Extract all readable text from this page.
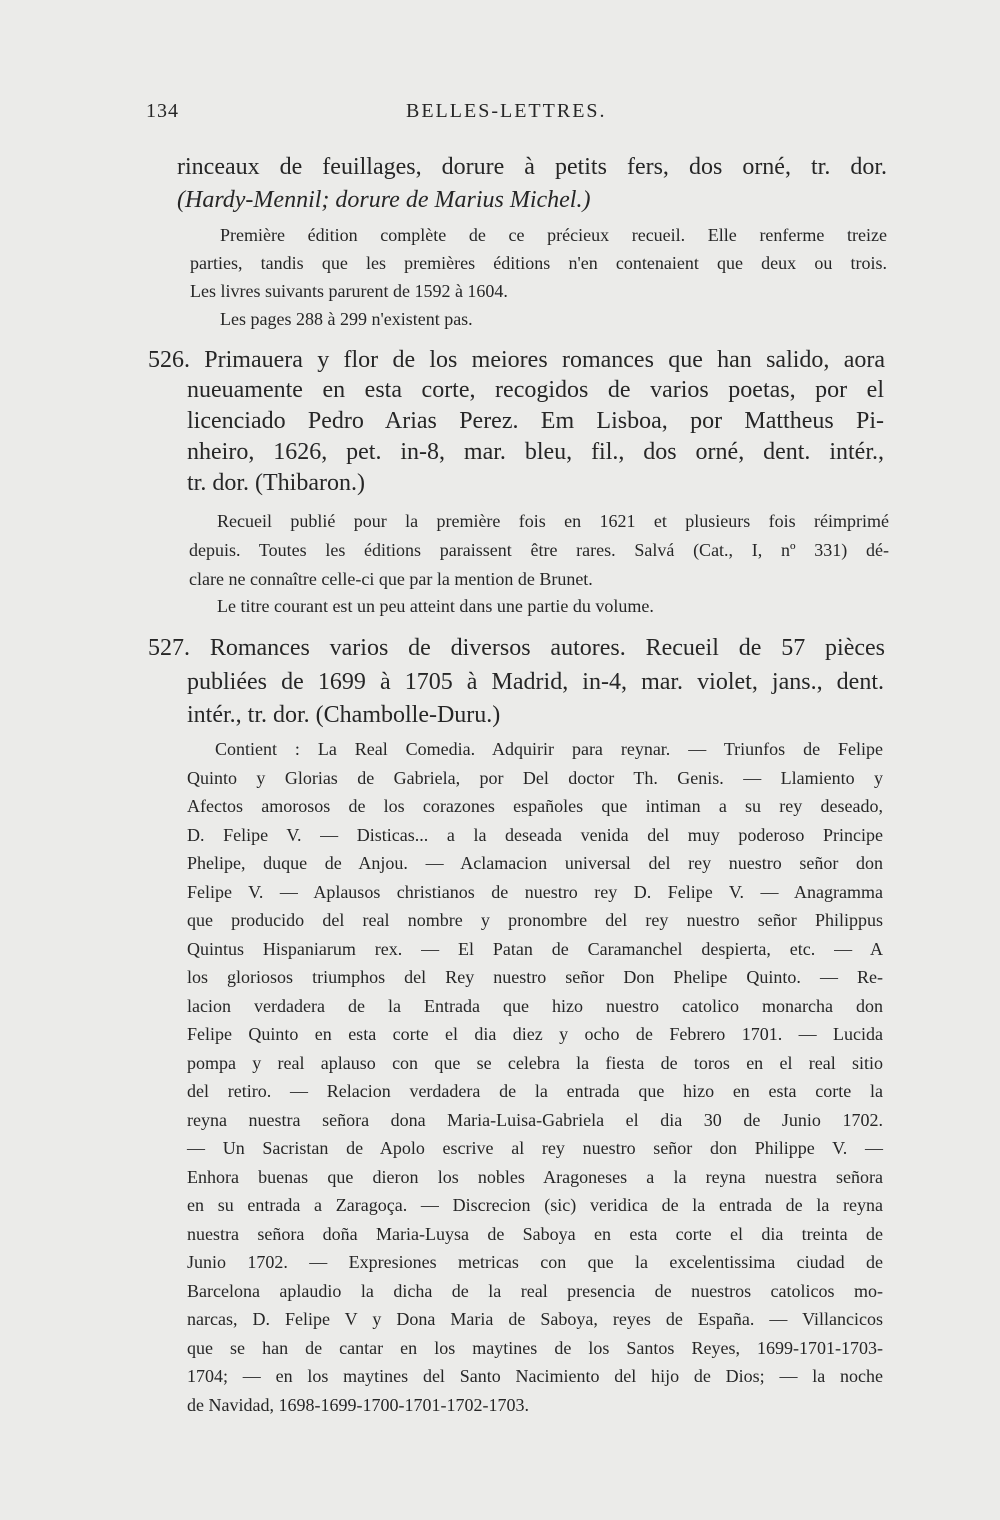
134	BELLES-LETTRES.
rinceaux de feuillages, dorure à petits fers, dos orné, tr. dor.
(Hardy-Mennil; dorure de Marius Michel.)
Première édition complète de ce précieux recueil. Elle renferme treize
parties, tandis que les premières éditions n'en contenaient que deux ou trois.
Les livres suivants parurent de 1592 à 1604.
Les pages 288 à 299 n'existent pas.
526. Primauera y flor de los meiores romances que han salido, aora
nueuamente en esta corte, recogidos de varios poetas, por el
licenciado Pedro Arias Perez. Em Lisboa, por Mattheus Pi-
nheiro, 1626, pet. in-8, mar. bleu, fil., dos orné, dent. intér.,
tr. dor. (Thibaron.)
Recueil publié pour la première fois en 1621 et plusieurs fois réimprimé
depuis. Toutes les éditions paraissent être rares. Salvá (Cat., I, nº 331) dé-
clare ne connaître celle-ci que par la mention de Brunet.
Le titre courant est un peu atteint dans une partie du volume.
527. Romances varios de diversos autores. Recueil de 57 pièces
publiées de 1699 à 1705 à Madrid, in-4, mar. violet, jans., dent.
intér., tr. dor. (Chambolle-Duru.)
Contient : La Real Comedia. Adquirir para reynar. — Triunfos de Felipe
Quinto y Glorias de Gabriela, por Del doctor Th. Genis. — Llamiento y
Afectos amorosos de los corazones españoles que intiman a su rey deseado,
D. Felipe V. — Disticas... a la deseada venida del muy poderoso Principe
Phelipe, duque de Anjou. — Aclamacion universal del rey nuestro señor don
Felipe V. — Aplausos christianos de nuestro rey D. Felipe V. — Anagramma
que producido del real nombre y pronombre del rey nuestro señor Philippus
Quintus Hispaniarum rex. — El Patan de Caramanchel despierta, etc. — A
los gloriosos triumphos del Rey nuestro señor Don Phelipe Quinto. — Re-
lacion verdadera de la Entrada que hizo nuestro catolico monarcha don
Felipe Quinto en esta corte el dia diez y ocho de Febrero 1701. — Lucida
pompa y real aplauso con que se celebra la fiesta de toros en el real sitio
del retiro. — Relacion verdadera de la entrada que hizo en esta corte la
reyna nuestra señora dona Maria-Luisa-Gabriela el dia 30 de Junio 1702.
— Un Sacristan de Apolo escrive al rey nuestro señor don Philippe V. —
Enhora buenas que dieron los nobles Aragoneses a la reyna nuestra señora
en su entrada a Zaragoça. — Discrecion (sic) veridica de la entrada de la reyna
nuestra señora doña Maria-Luysa de Saboya en esta corte el dia treinta de
Junio 1702. — Expresiones metricas con que la excelentissima ciudad de
Barcelona aplaudio la dicha de la real presencia de nuestros catolicos mo-
narcas, D. Felipe V y Dona Maria de Saboya, reyes de España. — Villancicos
que se han de cantar en los maytines de los Santos Reyes, 1699-1701-1703-
1704; — en los maytines del Santo Nacimiento del hijo de Dios; — la noche
de Navidad, 1698-1699-1700-1701-1702-1703.
